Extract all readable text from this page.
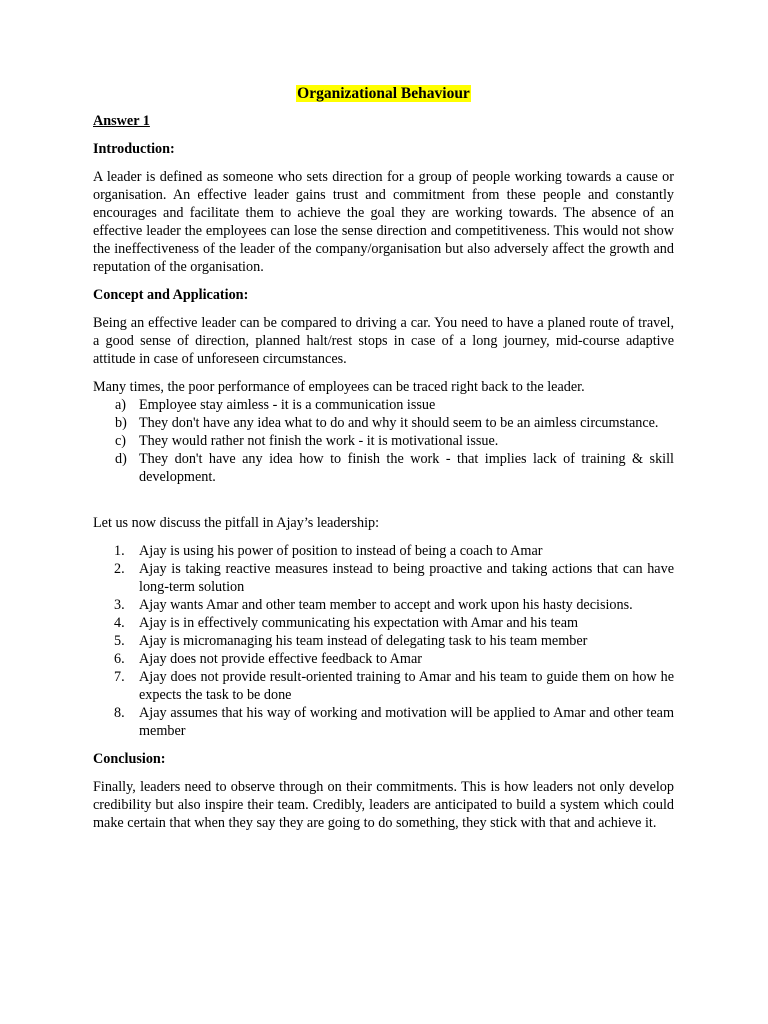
Organizational Behaviour
Answer 1
Introduction:

A leader is defined as someone who sets direction for a group of people working towards a cause or organisation. An effective leader gains trust and commitment from these people and constantly encourages and facilitate them to achieve the goal they are working towards. The absence of an effective leader the employees can lose the sense direction and competitiveness. This would not show the ineffectiveness of the leader of the company/organisation but also adversely affect the growth and reputation of the organisation.

Concept and Application:

Being an effective leader can be compared to driving a car. You need to have a planed route of travel, a good sense of direction, planned halt/rest stops in case of a long journey, mid-course adaptive attitude in case of unforeseen circumstances.

Many times, the poor performance of employees can be traced right back to the leader.

a) Employee stay aimless - it is a communication issue
b) They don't have any idea what to do and why it should seem to be an aimless circumstance.
c) They would rather not finish the work - it is motivational issue.
d) They don't have any idea how to finish the work - that implies lack of training & skill development.

Let us now discuss the pitfall in Ajay’s leadership:

1. Ajay is using his power of position to instead of being a coach to Amar
2. Ajay is taking reactive measures instead to being proactive and taking actions that can have long-term solution
3. Ajay wants Amar and other team member to accept and work upon his hasty decisions.
4. Ajay is in effectively communicating his expectation with Amar and his team
5. Ajay is micromanaging his team instead of delegating task to his team member
6. Ajay does not provide effective feedback to Amar
7. Ajay does not provide result-oriented training to Amar and his team to guide them on how he expects the task to be done
8. Ajay assumes that his way of working and motivation will be applied to Amar and other team member
Conclusion:

Finally, leaders need to observe through on their commitments. This is how leaders not only develop credibility but also inspire their team. Credibly, leaders are anticipated to build a system which could make certain that when they say they are going to do something, they stick with that and achieve it.
